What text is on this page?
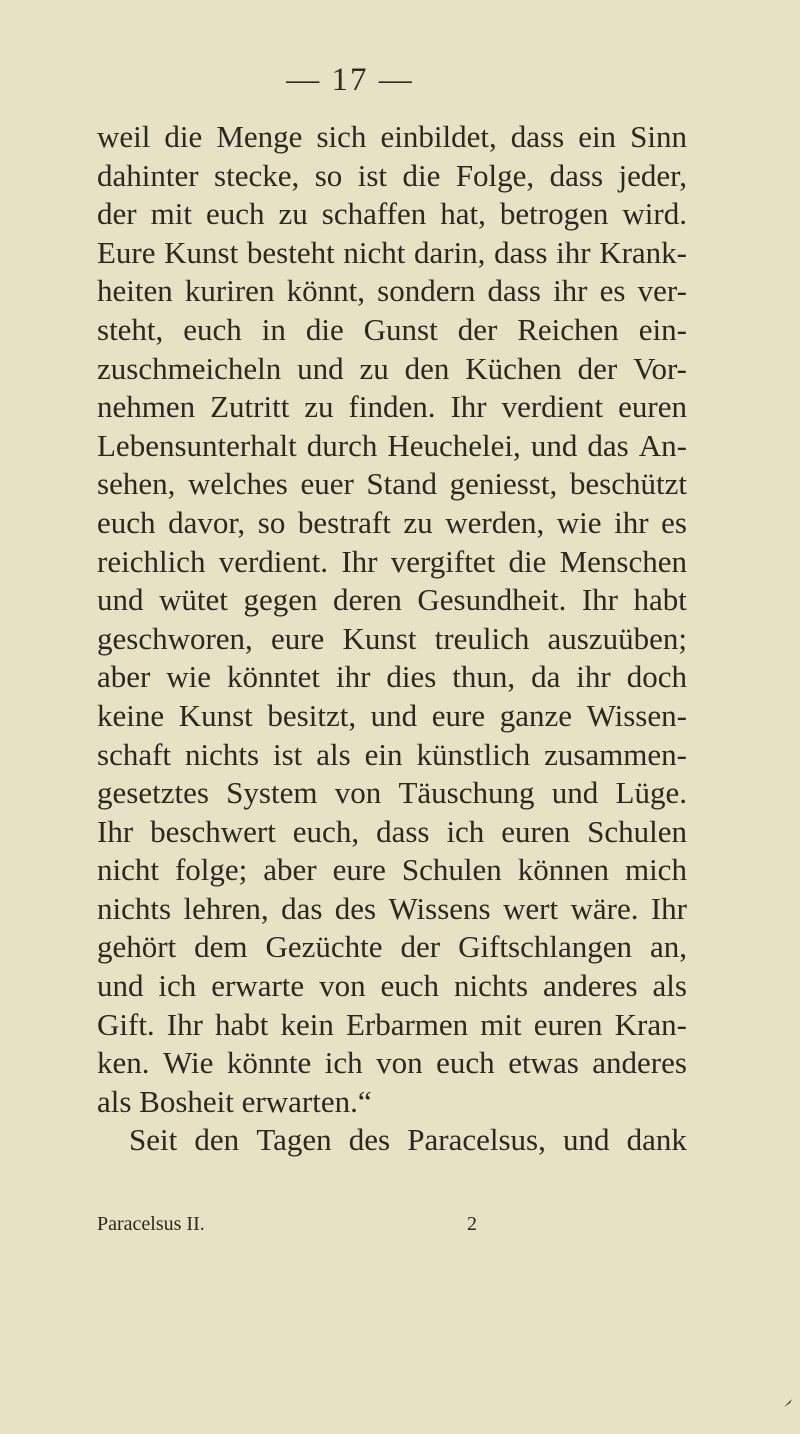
— 17 —
weil die Menge sich einbildet, dass ein Sinn
dahinter stecke, so ist die Folge, dass jeder,
der mit euch zu schaffen hat, betrogen wird.
Eure Kunst besteht nicht darin, dass ihr Krank-
heiten kuriren könnt, sondern dass ihr es ver-
steht, euch in die Gunst der Reichen ein-
zuschmeicheln und zu den Küchen der Vor-
nehmen Zutritt zu finden. Ihr verdient euren
Lebensunterhalt durch Heuchelei, und das An-
sehen, welches euer Stand geniesst, beschützt
euch davor, so bestraft zu werden, wie ihr es
reichlich verdient. Ihr vergiftet die Menschen
und wütet gegen deren Gesundheit. Ihr habt
geschworen, eure Kunst treulich auszuüben;
aber wie könntet ihr dies thun, da ihr doch
keine Kunst besitzt, und eure ganze Wissen-
schaft nichts ist als ein künstlich zusammen-
gesetztes System von Täuschung und Lüge.
Ihr beschwert euch, dass ich euren Schulen
nicht folge; aber eure Schulen können mich
nichts lehren, das des Wissens wert wäre. Ihr
gehört dem Gezüchte der Giftschlangen an,
und ich erwarte von euch nichts anderes als
Gift. Ihr habt kein Erbarmen mit euren Kran-
ken. Wie könnte ich von euch etwas anderes
als Bosheit erwarten.“
Seit den Tagen des Paracelsus, und dank
Paracelsus II.	2
